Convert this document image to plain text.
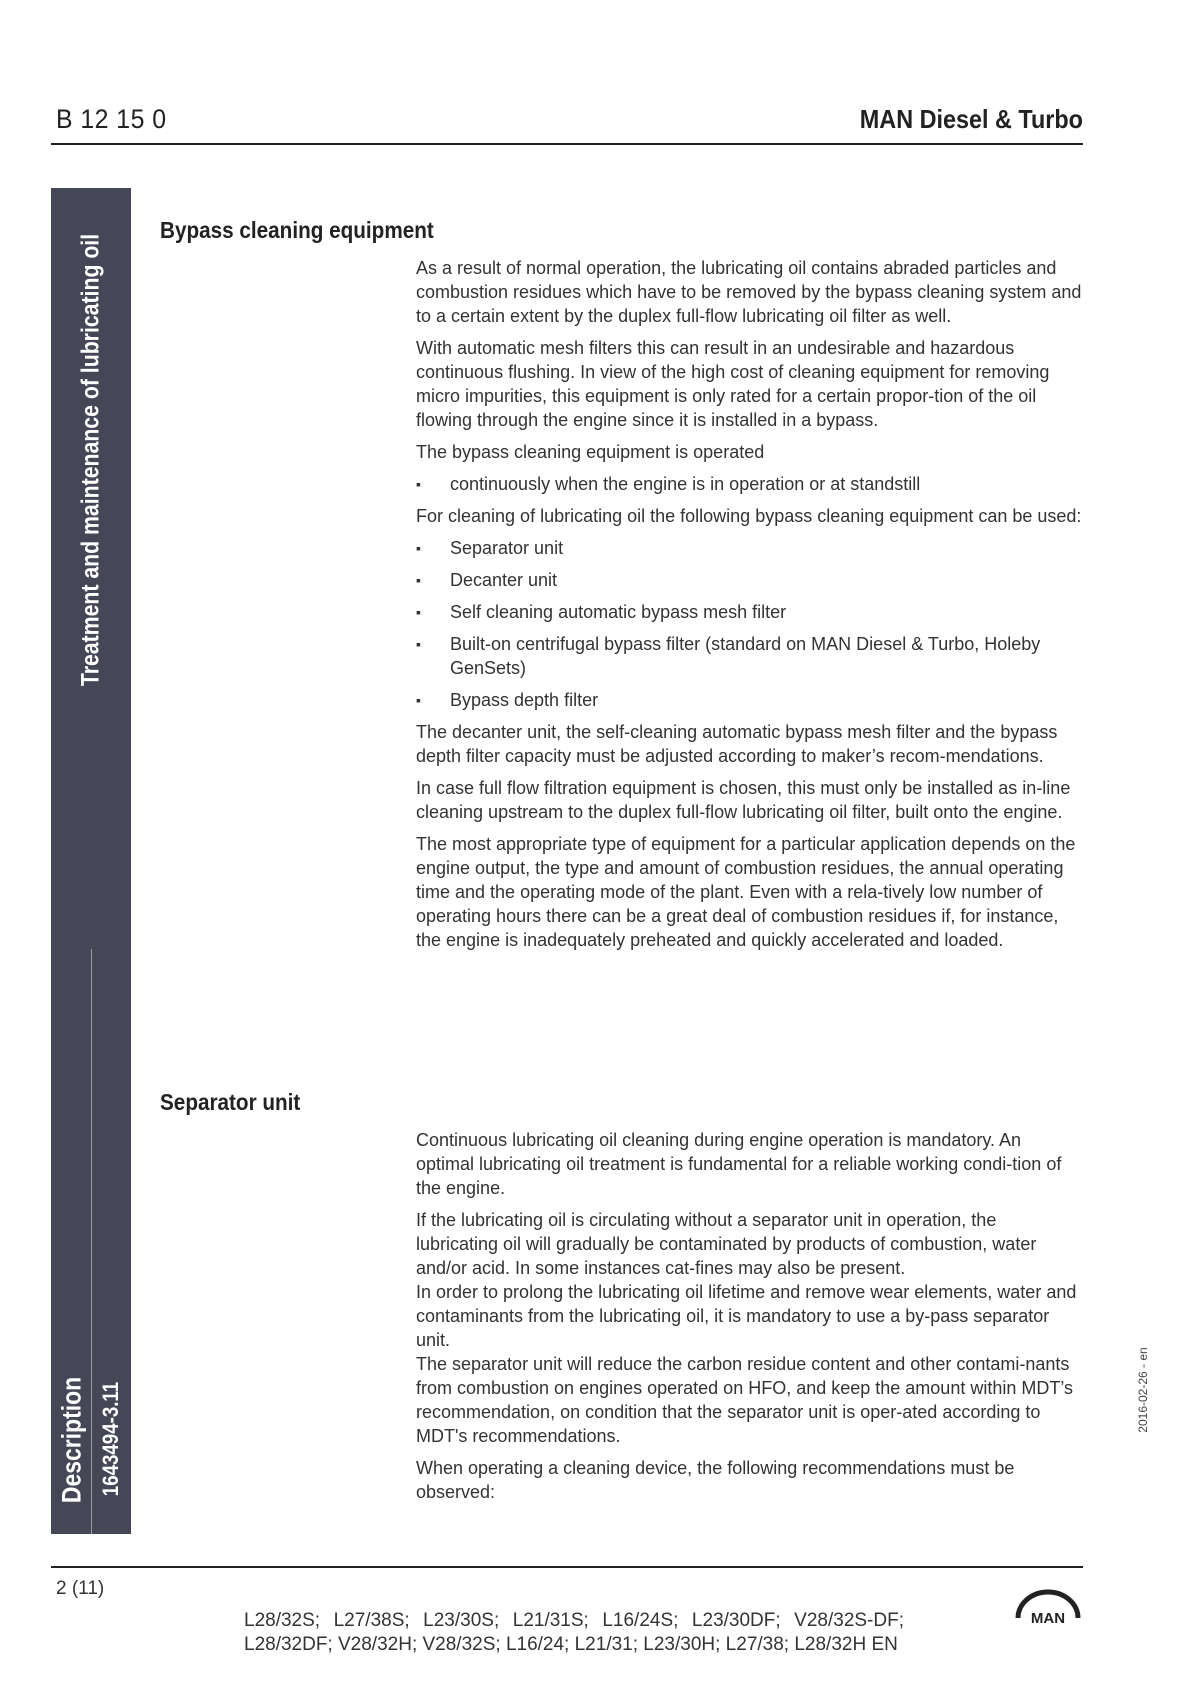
B 12 15 0	MAN Diesel & Turbo
Treatment and maintenance of lubricating oil
Description 1643494-3.11
Bypass cleaning equipment

As a result of normal operation, the lubricating oil contains abraded particles and combustion residues which have to be removed by the bypass cleaning system and to a certain extent by the duplex full-flow lubricating oil filter as well.

With automatic mesh filters this can result in an undesirable and hazardous continuous flushing. In view of the high cost of cleaning equipment for removing micro impurities, this equipment is only rated for a certain propor-tion of the oil flowing through the engine since it is installed in a bypass.

The bypass cleaning equipment is operated

▪ continuously when the engine is in operation or at standstill

For cleaning of lubricating oil the following bypass cleaning equipment can be used:

▪ Separator unit
▪ Decanter unit
▪ Self cleaning automatic bypass mesh filter
▪ Built-on centrifugal bypass filter (standard on MAN Diesel & Turbo, Holeby GenSets)
▪ Bypass depth filter

The decanter unit, the self-cleaning automatic bypass mesh filter and the bypass depth filter capacity must be adjusted according to maker’s recom-mendations.

In case full flow filtration equipment is chosen, this must only be installed as in-line cleaning upstream to the duplex full-flow lubricating oil filter, built onto the engine.

The most appropriate type of equipment for a particular application depends on the engine output, the type and amount of combustion residues, the annual operating time and the operating mode of the plant. Even with a rela-tively low number of operating hours there can be a great deal of combustion residues if, for instance, the engine is inadequately preheated and quickly accelerated and loaded.

Separator unit

Continuous lubricating oil cleaning during engine operation is mandatory. An optimal lubricating oil treatment is fundamental for a reliable working condi-tion of the engine.

If the lubricating oil is circulating without a separator unit in operation, the lubricating oil will gradually be contaminated by products of combustion, water and/or acid. In some instances cat-fines may also be present.

In order to prolong the lubricating oil lifetime and remove wear elements, water and contaminants from the lubricating oil, it is mandatory to use a by-pass separator unit.

The separator unit will reduce the carbon residue content and other contami-nants from combustion on engines operated on HFO, and keep the amount within MDT’s recommendation, on condition that the separator unit is oper-ated according to MDT's recommendations.

When operating a cleaning device, the following recommendations must be observed:

2016-02-26 - en
2 (11)
L28/32S; L27/38S; L23/30S; L21/31S; L16/24S; L23/30DF; V28/32S-DF; L28/32DF; V28/32H; V28/32S; L16/24; L21/31; L23/30H; L27/38; L28/32H EN
MAN
